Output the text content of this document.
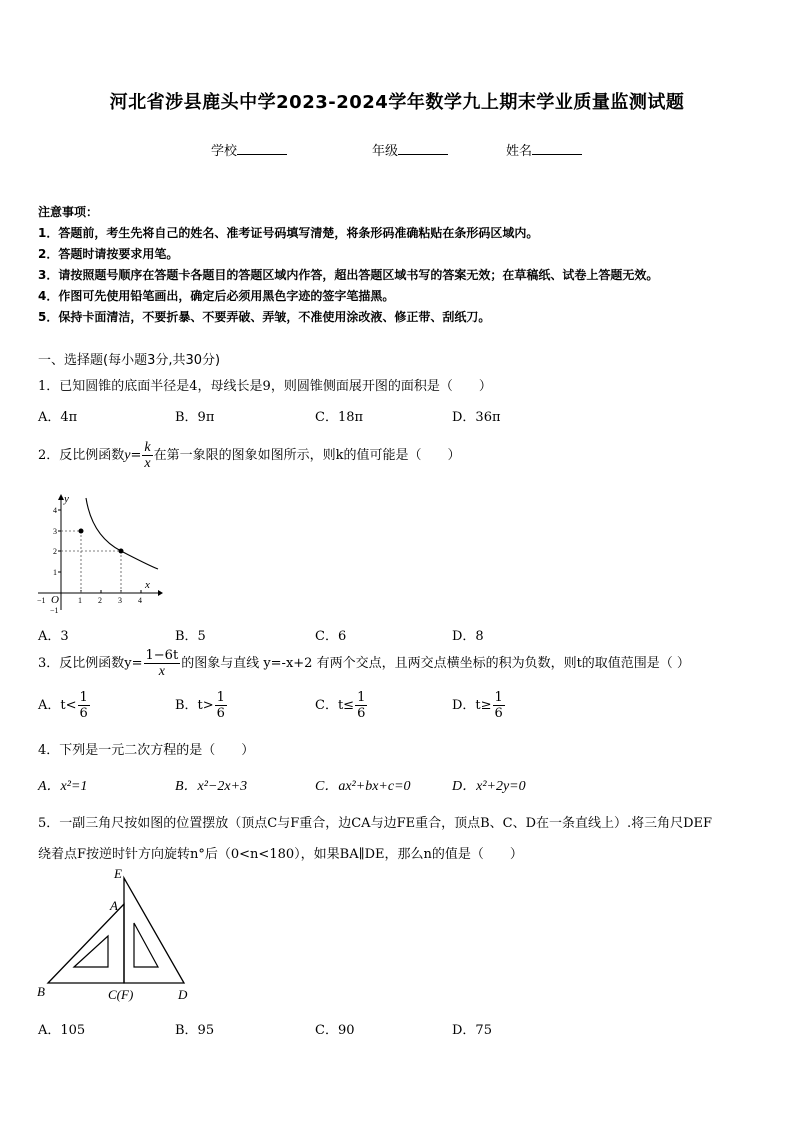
河北省涉县鹿头中学2023-2024学年数学九上期末学业质量监测试题
学校	年级	姓名
注意事项：
1．答题前，考生先将自己的姓名、准考证号码填写清楚，将条形码准确粘贴在条形码区域内。
2．答题时请按要求用笔。
3．请按照题号顺序在答题卡各题目的答题区域内作答，超出答题区域书写的答案无效；在草稿纸、试卷上答题无效。
4．作图可先使用铅笔画出，确定后必须用黑色字迹的签字笔描黑。
5．保持卡面清洁，不要折暴、不要弄破、弄皱，不准使用涂改液、修正带、刮纸刀。
一、选择题(每小题3分,共30分)
1．已知圆锥的底面半径是4，母线长是9，则圆锥侧面展开图的面积是（　　）
A．4π	B．9π	C．18π	D．36π
2．反比例函数$y= \frac{k}{x}$ 在第一象限的图象如图所示，则k的值可能是（　　）
y
x
O
4
3
2
1
−1
−1	1 2 3 4
A．3	B．5	C．6	D．8
3．反比例函数$y= \frac{1-6t}{x}$ 的图象与直线 y=-x+2 有两个交点，且两交点横坐标的积为负数，则t的取值范围是（ ）
A．$t< \frac{1}{6}$	B．$t> \frac{1}{6}$	C．$t\le \frac{1}{6}$	D．$t\ge \frac{1}{6}$
4．下列是一元二次方程的是（　　）
A．x²=1	B．x²−2x+3	C．ax²+bx+c=0	D．x²+2y=0
5．一副三角尺按如图的位置摆放（顶点C与F重合，边CA与边FE重合，顶点B、C、D在一条直线上）.将三角尺DEF
绕着点F按逆时针方向旋转n°后（0<n<180），如果BA∥DE，那么n的值是（　　）
E
A
B	C(F)	D
A．105	B．95	C．90	D．75
